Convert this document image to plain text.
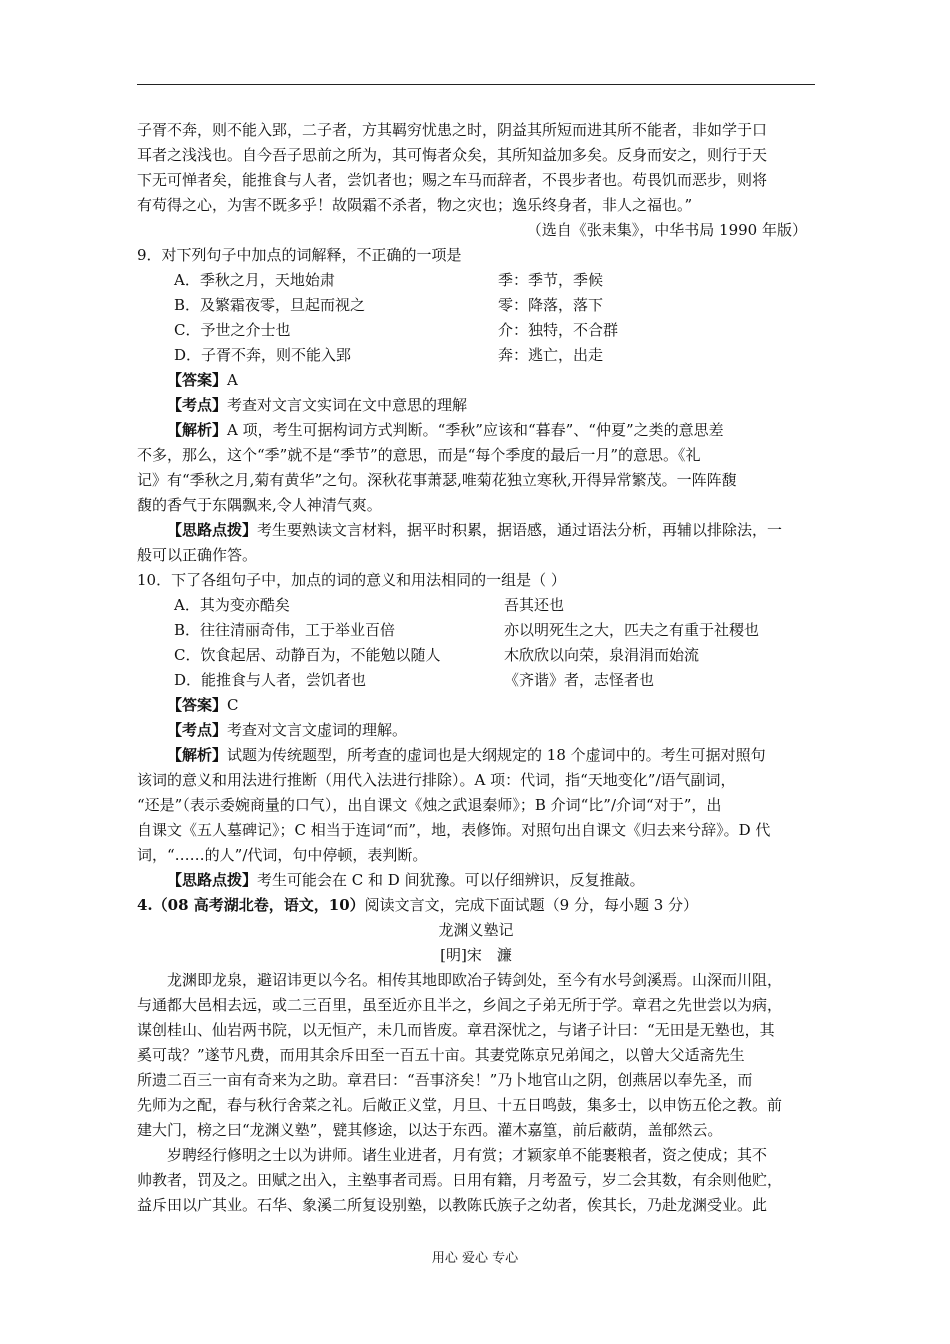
子胥不奔，则不能入郢，二子者，方其羁穷忧患之时，阴益其所短而进其所不能者，非如学于口
耳者之浅浅也。自今吾子思前之所为，其可悔者众矣，其所知益加多矣。反身而安之，则行于天
下无可惮者矣，能推食与人者，尝饥者也；赐之车马而辞者，不畏步者也。苟畏饥而恶步，则将
有苟得之心，为害不既多乎！故陨霜不杀者，物之灾也；逸乐终身者，非人之福也。”
（选自《张耒集》，中华书局 1990 年版）
9．对下列句子中加点的词解释，不正确的一项是
A．季秋之月，天地始肃	季：季节，季候
B．及繁霜夜零，旦起而视之	零：降落，落下
C．予世之介士也	介：独特，不合群
D．子胥不奔，则不能入郢	奔：逃亡，出走
【答案】A
【考点】考查对文言文实词在文中意思的理解
【解析】A 项，考生可据构词方式判断。“季秋”应该和“暮春”、“仲夏”之类的意思差
不多，那么，这个“季”就不是“季节”的意思，而是“每个季度的最后一月”的意思。《礼
记》有“季秋之月,菊有黄华”之句。深秋花事萧瑟,唯菊花独立寒秋,开得异常繁茂。一阵阵馥
馥的香气于东隅飘来,令人神清气爽。
【思路点拨】考生要熟读文言材料，据平时积累，据语感，通过语法分析，再辅以排除法，一
般可以正确作答。
10．下了各组句子中，加点的词的意义和用法相同的一组是（ ）
A．其为变亦酷矣	吾其还也
B．往往清丽奇伟，工于举业百倍	亦以明死生之大，匹夫之有重于社稷也
C．饮食起居、动静百为，不能勉以随人	木欣欣以向荣，泉涓涓而始流
D．能推食与人者，尝饥者也	《齐谐》者，志怪者也
【答案】C
【考点】考查对文言文虚词的理解。
【解析】试题为传统题型，所考查的虚词也是大纲规定的 18 个虚词中的。考生可据对照句
该词的意义和用法进行推断（用代入法进行排除）。A 项：代词，指“天地变化”/语气副词，
“还是”（表示委婉商量的口气），出自课文《烛之武退秦师》；B 介词“比”/介词“对于”，出
自课文《五人墓碑记》；C 相当于连词“而”，地，表修饰。对照句出自课文《归去来兮辞》。D 代
词，“……的人”/代词，句中停顿，表判断。
【思路点拨】考生可能会在 C 和 D 间犹豫。可以仔细辨识，反复推敲。
4.（08 高考湖北卷，语文，10）阅读文言文，完成下面试题（9 分，每小题 3 分）
龙渊义塾记
[明]宋　濂
龙渊即龙泉，避诏讳更以今名。相传其地即欧冶子铸剑处，至今有水号剑溪焉。山深而川阻，
与通都大邑相去远，或二三百里，虽至近亦且半之，乡闾之子弟无所于学。章君之先世尝以为病，
谋创桂山、仙岩两书院，以无恒产，未几而皆废。章君深忧之，与诸子计曰：“无田是无塾也，其
奚可哉？”遂节凡费，而用其余斥田至一百五十亩。其妻党陈京兄弟闻之，以曾大父适斋先生
所遗二百三一亩有奇来为之助。章君曰：“吾事济矣！”乃卜地官山之阴，创燕居以奉先圣，而
先师为之配，春与秋行舍菜之礼。后敞正义堂，月旦、十五日鸣鼓，集多士，以申饬五伦之教。前
建大门，榜之曰“龙渊义塾”，甓其修途，以达于东西。灌木嘉篁，前后蔽荫，盖郁然云。
岁聘经行修明之士以为讲师。诸生业进者，月有赏；才颖家单不能裹粮者，资之使成；其不
帅教者，罚及之。田赋之出入，主塾事者司焉。日用有籍，月考盈亏，岁二会其数，有余则他贮，
益斥田以广其业。石华、象溪二所复设别塾，以教陈氏族子之幼者，俟其长，乃赴龙渊受业。此
用心 爱心 专心
